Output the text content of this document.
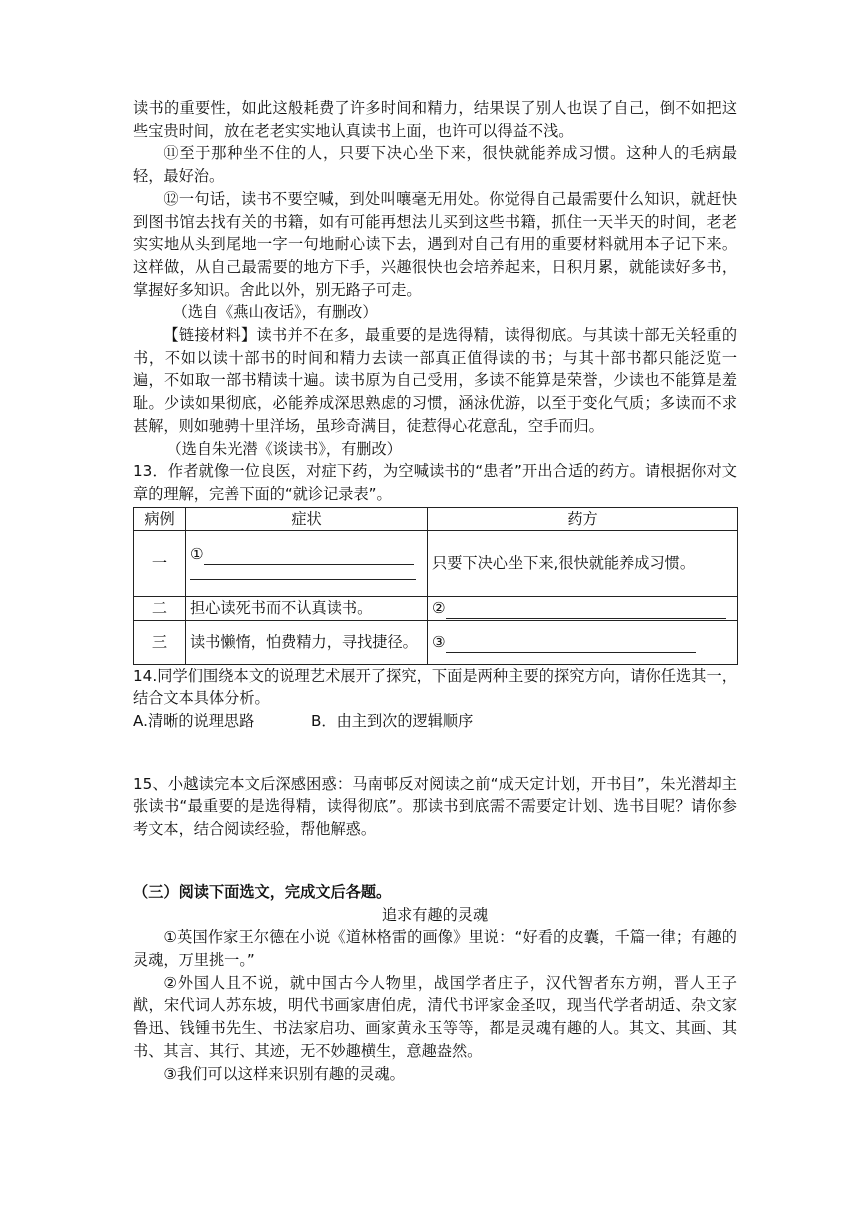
读书的重要性，如此这般耗费了许多时间和精力，结果误了别人也误了自己，倒不如把这些宝贵时间，放在老老实实地认真读书上面，也许可以得益不浅。

⑪至于那种坐不住的人，只要下决心坐下来，很快就能养成习惯。这种人的毛病最轻，最好治。

⑫一句话，读书不要空喊，到处叫嚷毫无用处。你觉得自己最需要什么知识，就赶快到图书馆去找有关的书籍，如有可能再想法儿买到这些书籍，抓住一天半天的时间，老老实实地从头到尾地一字一句地耐心读下去，遇到对自己有用的重要材料就用本子记下来。这样做，从自己最需要的地方下手，兴趣很快也会培养起来，日积月累，就能读好多书，掌握好多知识。舍此以外，别无路子可走。

（选自《燕山夜话》，有删改）

【链接材料】读书并不在多，最重要的是选得精，读得彻底。与其读十部无关轻重的书，不如以读十部书的时间和精力去读一部真正值得读的书；与其十部书都只能泛览一遍，不如取一部书精读十遍。读书原为自己受用，多读不能算是荣誉，少读也不能算是羞耻。少读如果彻底，必能养成深思熟虑的习惯，涵泳优游，以至于变化气质；多读而不求甚解，则如驰骋十里洋场，虽珍奇满目，徒惹得心花意乱，空手而归。

（选自朱光潜《谈读书》，有删改）

13．作者就像一位良医，对症下药，为空喊读书的“患者”开出合适的药方。请根据你对文章的理解，完善下面的“就诊记录表”。

病例	症状	药方
一	①	只要下决心坐下来,很快就能养成习惯。
二	担心读死书而不认真读书。	②
三	读书懒惰，怕费精力，寻找捷径。	③

14.同学们围绕本文的说理艺术展开了探究，下面是两种主要的探究方向，请你任选其一，结合文本具体分析。

A.清晰的说理思路	B．由主到次的逻辑顺序

15、小越读完本文后深感困惑：马南邨反对阅读之前“成天定计划，开书目”，朱光潜却主张读书“最重要的是选得精，读得彻底”。那读书到底需不需要定计划、选书目呢？请你参考文本，结合阅读经验，帮他解惑。

（三）阅读下面选文，完成文后各题。

追求有趣的灵魂

①英国作家王尔德在小说《道林格雷的画像》里说：“好看的皮囊，千篇一律；有趣的灵魂，万里挑一。”

②外国人且不说，就中国古今人物里，战国学者庄子，汉代智者东方朔，晋人王子猷，宋代词人苏东坡，明代书画家唐伯虎，清代书评家金圣叹，现当代学者胡适、杂文家鲁迅、钱锺书先生、书法家启功、画家黄永玉等等，都是灵魂有趣的人。其文、其画、其书、其言、其行、其迹，无不妙趣横生，意趣盎然。

③我们可以这样来识别有趣的灵魂。
